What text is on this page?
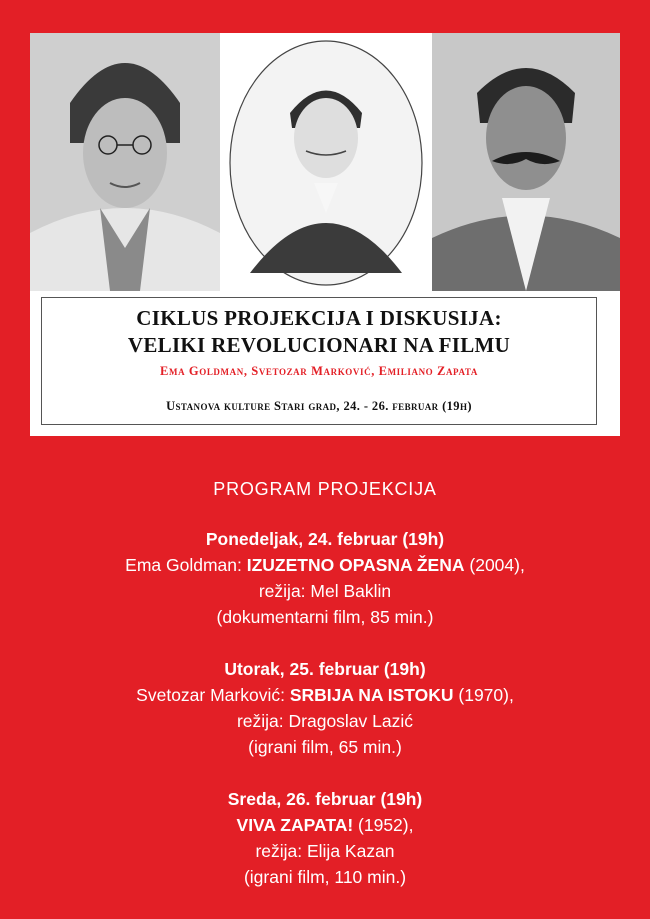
CIKLUS PROJEKCIJA I DISKUSIJA:
VELIKI REVOLUCIONARI NA FILMU
Ema Goldman, Svetozar Marković, Emiliano Zapata
Ustanova kulture Stari grad, 24. - 26. februar (19h)
PROGRAM PROJEKCIJA
Ponedeljak, 24. februar (19h)
Ema Goldman: IZUZETNO OPASNA ŽENA (2004),
režija: Mel Baklin
(dokumentarni film, 85 min.)
Utorak, 25. februar (19h)
Svetozar Marković: SRBIJA NA ISTOKU (1970),
režija: Dragoslav Lazić
(igrani film, 65 min.)
Sreda, 26. februar (19h)
VIVA ZAPATA! (1952),
režija: Elija Kazan
(igrani film, 110 min.)
